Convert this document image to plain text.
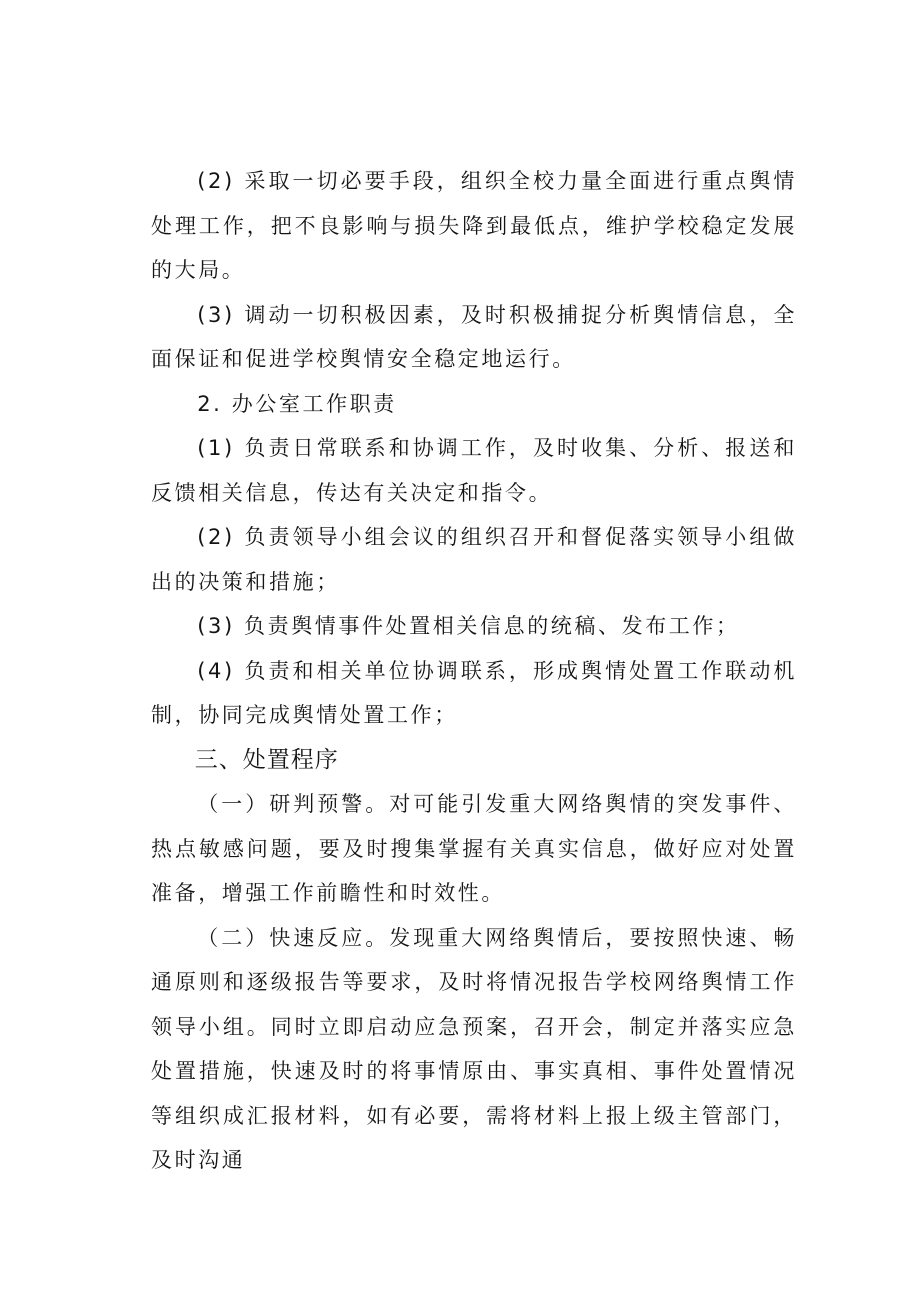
(2) 采取一切必要手段，组织全校力量全面进行重点舆情处理工作，把不良影响与损失降到最低点，维护学校稳定发展的大局。

(3) 调动一切积极因素，及时积极捕捉分析舆情信息，全面保证和促进学校舆情安全稳定地运行。

2. 办公室工作职责

(1) 负责日常联系和协调工作，及时收集、分析、报送和反馈相关信息，传达有关决定和指令。

(2) 负责领导小组会议的组织召开和督促落实领导小组做出的决策和措施；

(3) 负责舆情事件处置相关信息的统稿、发布工作；

(4) 负责和相关单位协调联系，形成舆情处置工作联动机制，协同完成舆情处置工作；

三、处置程序

（一）研判预警。对可能引发重大网络舆情的突发事件、热点敏感问题，要及时搜集掌握有关真实信息，做好应对处置准备，增强工作前瞻性和时效性。

（二）快速反应。发现重大网络舆情后，要按照快速、畅通原则和逐级报告等要求，及时将情况报告学校网络舆情工作领导小组。同时立即启动应急预案，召开会，制定并落实应急处置措施，快速及时的将事情原由、事实真相、事件处置情况等组织成汇报材料，如有必要，需将材料上报上级主管部门，及时沟通
